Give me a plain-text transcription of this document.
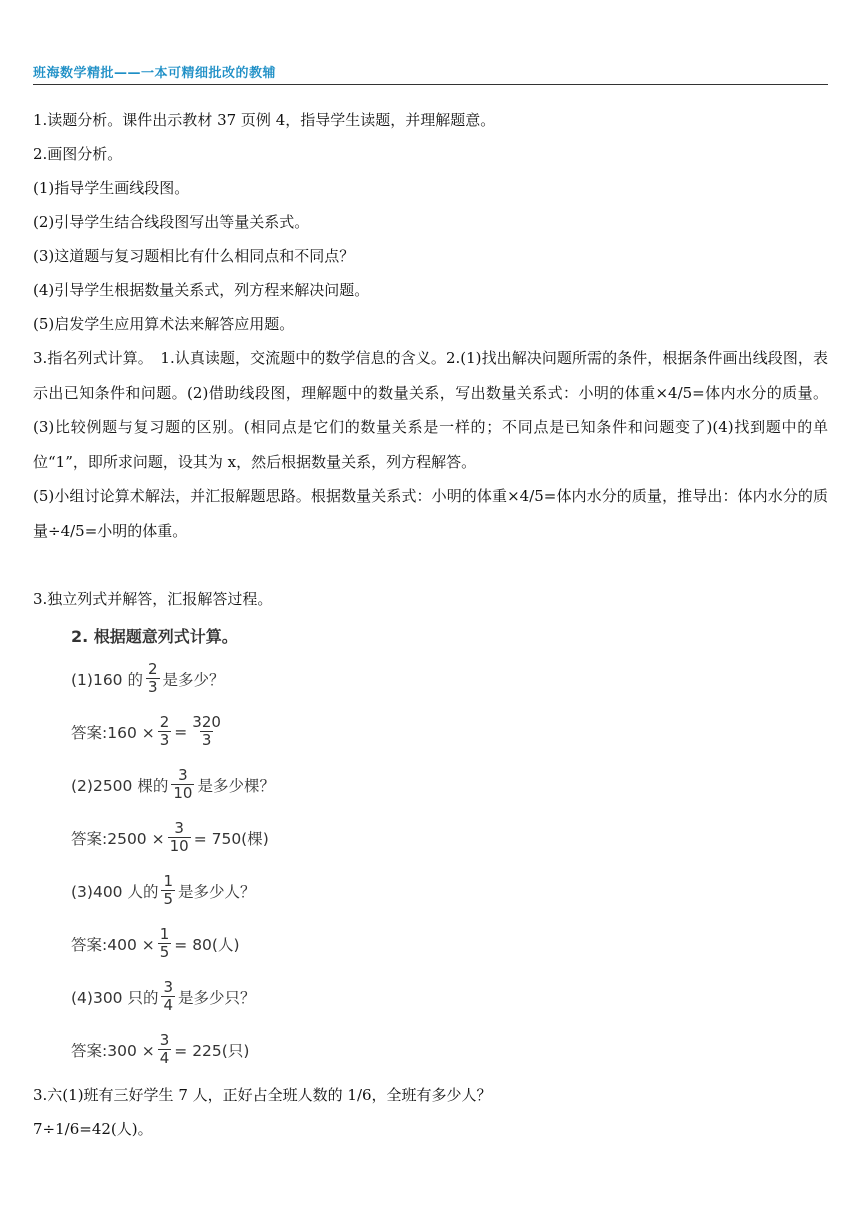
班海数学精批——一本可精细批改的教辅
1.读题分析。课件出示教材 37 页例 4，指导学生读题，并理解题意。
2.画图分析。
(1)指导学生画线段图。
(2)引导学生结合线段图写出等量关系式。
(3)这道题与复习题相比有什么相同点和不同点？
(4)引导学生根据数量关系式，列方程来解决问题。
(5)启发学生应用算术法来解答应用题。
3.指名列式计算。　1.认真读题，交流题中的数学信息的含义。2.(1)找出解决问题所需的条件，根据条件画出线段图，表示出已知条件和问题。(2)借助线段图，理解题中的数量关系，写出数量关系式：小明的体重×4/5=体内水分的质量。(3)比较例题与复习题的区别。(相同点是它们的数量关系是一样的；不同点是已知条件和问题变了)(4)找到题中的单位“1”，即所求问题，设其为 x，然后根据数量关系，列方程解答。
(5)小组讨论算术解法，并汇报解题思路。根据数量关系式：小明的体重×4/5=体内水分的质量，推导出：体内水分的质量÷4/5=小明的体重。
3.独立列式并解答，汇报解答过程。
2. 根据题意列式计算。
(1)160 的 $\frac{2}{3}$ 是多少？
答案:160 × $\frac{2}{3} = \frac{320}{3}$
(2)2500 棵的 $\frac{3}{10}$ 是多少棵？
答案:2500 × $\frac{3}{10} = 750$(棵)
(3)400 人的 $\frac{1}{5}$ 是多少人？
答案:400 × $\frac{1}{5} = 80$(人)
(4)300 只的 $\frac{3}{4}$ 是多少只？
答案:300 × $\frac{3}{4} = 225$(只)
3.六(1)班有三好学生 7 人，正好占全班人数的 1/6，全班有多少人？
7÷1/6=42(人)。
